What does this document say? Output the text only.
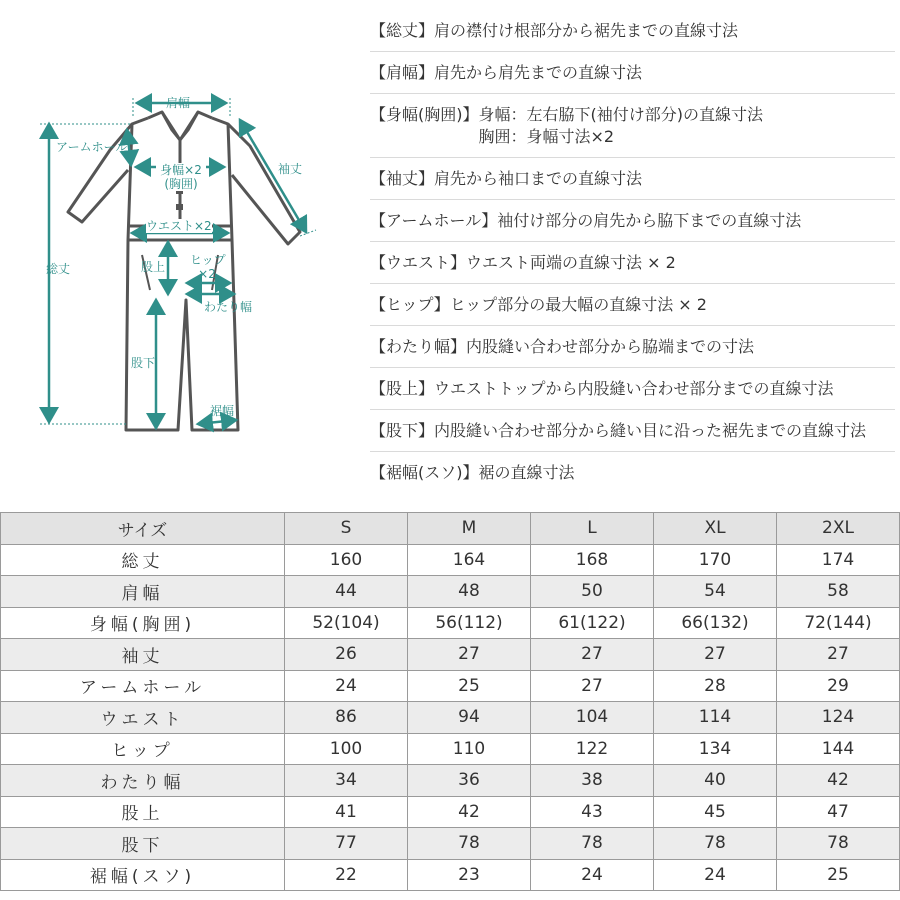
肩幅
アームホール
身幅×2
(胸囲)
袖丈
ウエスト×2
総丈	股上 ヒップ
×2
わたり幅
股下
裾幅
【総丈】 肩の襟付け根部分から裾先までの直線寸法
【肩幅】 肩先から肩先までの直線寸法
【身幅(胸囲)】 身幅：左右脇下(袖付け部分)の直線寸法
胸囲：身幅寸法×2
【袖丈】 肩先から袖口までの直線寸法
【アームホール】 袖付け部分の肩先から脇下までの直線寸法
【ウエスト】 ウエスト両端の直線寸法 × 2
【ヒップ】 ヒップ部分の最大幅の直線寸法 × 2
【わたり幅】 内股縫い合わせ部分から脇端までの寸法
【股上】 ウエストトップから内股縫い合わせ部分までの直線寸法
【股下】 内股縫い合わせ部分から縫い目に沿った裾先までの直線寸法
【裾幅(スソ)】 裾の直線寸法
サイズ	S	M	L	XL	2XL
総丈	160	164	168	170	174
肩幅	44	48	50	54	58
身幅(胸囲)	52(104)	56(112)	61(122)	66(132)	72(144)
袖丈	26	27	27	27	27
アームホール	24	25	27	28	29
ウエスト	86	94	104	114	124
ヒップ	100	110	122	134	144
わたり幅	34	36	38	40	42
股上	41	42	43	45	47
股下	77	78	78	78	78
裾幅(スソ)	22	23	24	24	25
